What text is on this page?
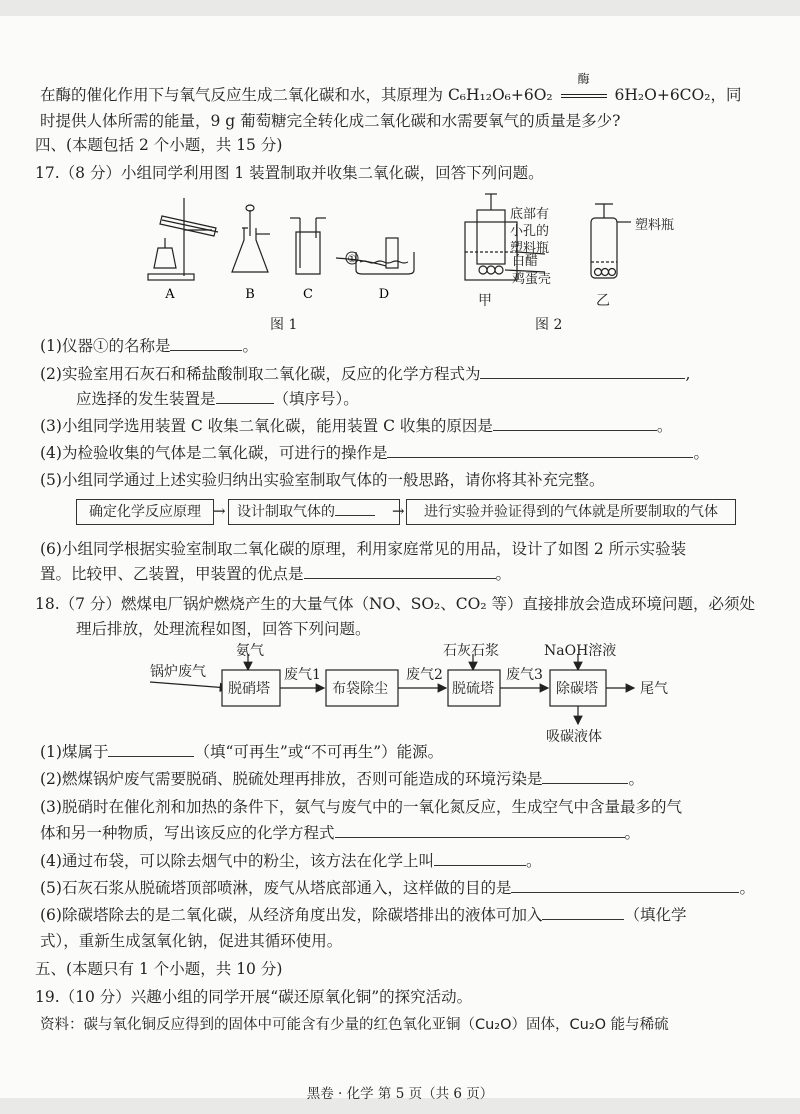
在酶的催化作用下与氧气反应生成二氧化碳和水，其原理为 C₆H₁₂O₆+6O₂
酶
6H₂O+6CO₂，同
时提供人体所需的能量，9 g 葡萄糖完全转化成二氧化碳和水需要氧气的质量是多少?
四、(本题包括 2 个小题，共 15 分)
17.（8 分）小组同学利用图 1 装置制取并收集二氧化碳，回答下列问题。
①
A	B	C	D
图 1
底部有
小孔的
塑料瓶
白醋
鸡蛋壳
塑料瓶
甲	乙
图 2
(1)仪器①的名称是	。
(2)实验室用石灰石和稀盐酸制取二氧化碳，反应的化学方程式为	,
应选择的发生装置是	（填序号）。
(3)小组同学选用装置 C 收集二氧化碳，能用装置 C 收集的原因是	。
(4)为检验收集的气体是二氧化碳，可进行的操作是	。
(5)小组同学通过上述实验归纳出实验室制取气体的一般思路，请你将其补充完整。
确定化学反应原理 → 设计制取气体的	→	进行实验并验证得到的气体就是所要制取的气体
(6)小组同学根据实验室制取二氧化碳的原理，利用家庭常见的用品，设计了如图 2 所示实验装
置。比较甲、乙装置，甲装置的优点是	。
18.（7 分）燃煤电厂锅炉燃烧产生的大量气体（NO、SO₂、CO₂ 等）直接排放会造成环境问题，必须处
理后排放，处理流程如图，回答下列问题。
氨气
锅炉废气
脱硝塔
废气1
布袋除尘
废气2
石灰石浆
脱硫塔
废气3
NaOH溶液
除碳塔	尾气
吸碳液体
(1)煤属于	（填“可再生”或“不可再生”）能源。
(2)燃煤锅炉废气需要脱硝、脱硫处理再排放，否则可能造成的环境污染是	。
(3)脱硝时在催化剂和加热的条件下，氨气与废气中的一氧化氮反应，生成空气中含量最多的气
体和另一种物质，写出该反应的化学方程式	。
(4)通过布袋，可以除去烟气中的粉尘，该方法在化学上叫	。
(5)石灰石浆从脱硫塔顶部喷淋，废气从塔底部通入，这样做的目的是	。
(6)除碳塔除去的是二氧化碳，从经济角度出发，除碳塔排出的液体可加入	（填化学
式），重新生成氢氧化钠，促进其循环使用。
五、(本题只有 1 个小题，共 10 分)
19.（10 分）兴趣小组的同学开展“碳还原氧化铜”的探究活动。
资料：碳与氧化铜反应得到的固体中可能含有少量的红色氧化亚铜（Cu₂O）固体，Cu₂O 能与稀硫
黑卷 · 化学 第 5 页（共 6 页）
